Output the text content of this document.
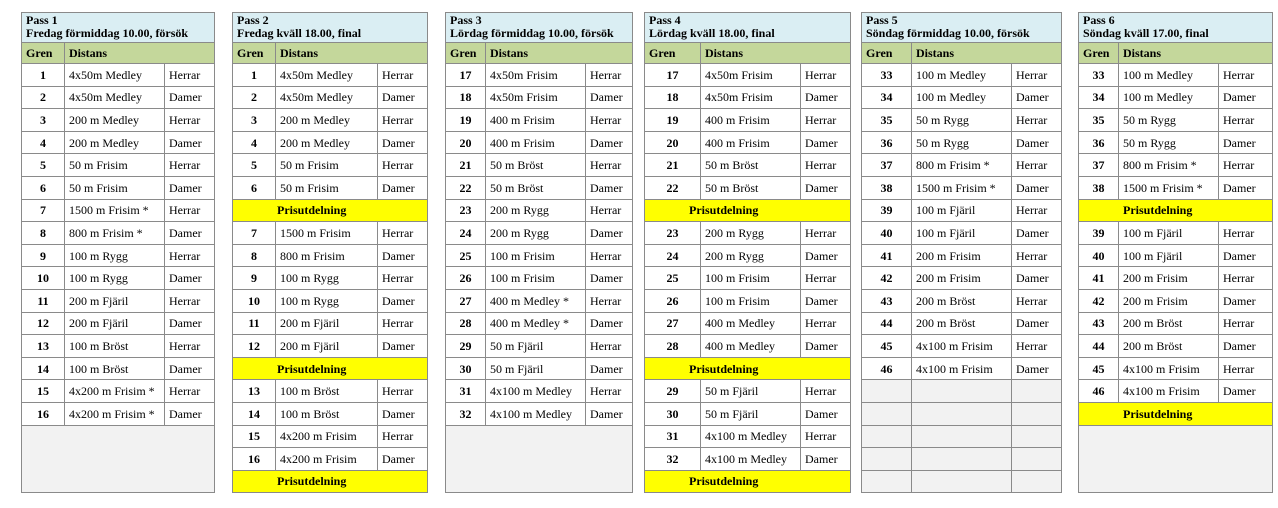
Pass 1
Fredag förmiddag 10.00, försök		

Gren	Distans	
1	4x50m Medley	Herrar
2	4x50m Medley	Damer
3	200 m Medley	Herrar
4	200 m Medley	Damer
5	50 m Frisim	Herrar
6	50 m Frisim	Damer
7	1500 m Frisim *	Herrar
8	800 m Frisim *	Damer
9	100 m Rygg	Herrar
10	100 m Rygg	Damer
11	200 m Fjäril	Herrar
12	200 m Fjäril	Damer
13	100 m Bröst	Herrar
14	100 m Bröst	Damer
15	4x200 m Frisim *	Herrar
16	4x200 m Frisim *	Damer

Pass 2
Fredag kväll 18.00, final		

Gren	Distans	
1	4x50m Medley	Herrar
2	4x50m Medley	Damer
3	200 m Medley	Herrar
4	200 m Medley	Damer
5	50 m Frisim	Herrar
6	50 m Frisim	Damer
Prisutdelning		
7	1500 m Frisim	Herrar
8	800 m Frisim	Damer
9	100 m Rygg	Herrar
10	100 m Rygg	Damer
11	200 m Fjäril	Herrar
12	200 m Fjäril	Damer
Prisutdelning		
13	100 m Bröst	Herrar
14	100 m Bröst	Damer
15	4x200 m Frisim	Herrar
16	4x200 m Frisim	Damer
Prisutdelning		
Pass 3
Lördag förmiddag 10.00, försök		

Gren	Distans	
17	4x50m Frisim	Herrar
18	4x50m Frisim	Damer
19	400 m Frisim	Herrar
20	400 m Frisim	Damer
21	50 m Bröst	Herrar
22	50 m Bröst	Damer
23	200 m Rygg	Herrar
24	200 m Rygg	Damer
25	100 m Frisim	Herrar
26	100 m Frisim	Damer
27	400 m Medley *	Herrar
28	400 m Medley *	Damer
29	50 m Fjäril	Herrar
30	50 m Fjäril	Damer
31	4x100 m Medley	Herrar
32	4x100 m Medley	Damer

Pass 4
Lördag kväll 18.00, final		

Gren	Distans	
17	4x50m Frisim	Herrar
18	4x50m Frisim	Damer
19	400 m Frisim	Herrar
20	400 m Frisim	Damer
21	50 m Bröst	Herrar
22	50 m Bröst	Damer
Prisutdelning		
23	200 m Rygg	Herrar
24	200 m Rygg	Damer
25	100 m Frisim	Herrar
26	100 m Frisim	Damer
27	400 m Medley	Herrar
28	400 m Medley	Damer
Prisutdelning		
29	50 m Fjäril	Herrar
30	50 m Fjäril	Damer
31	4x100 m Medley	Herrar
32	4x100 m Medley	Damer
Prisutdelning		
Pass 5
Söndag förmiddag 10.00, försök		

Gren	Distans	
33	100 m Medley	Herrar
34	100 m Medley	Damer
35	50 m Rygg	Herrar
36	50 m Rygg	Damer
37	800 m Frisim *	Herrar
38	1500 m Frisim *	Damer
39	100 m Fjäril	Herrar
40	100 m Fjäril	Damer
41	200 m Frisim	Herrar
42	200 m Frisim	Damer
43	200 m Bröst	Herrar
44	200 m Bröst	Damer
45	4x100 m Frisim	Herrar
46	4x100 m Frisim	Damer

Pass 6
Söndag kväll 17.00, final		

Gren	Distans	
33	100 m Medley	Herrar
34	100 m Medley	Damer
35	50 m Rygg	Herrar
36	50 m Rygg	Damer
37	800 m Frisim *	Herrar
38	1500 m Frisim *	Damer
Prisutdelning		
39	100 m Fjäril	Herrar
40	100 m Fjäril	Damer
41	200 m Frisim	Herrar
42	200 m Frisim	Damer
43	200 m Bröst	Herrar
44	200 m Bröst	Damer
45	4x100 m Frisim	Herrar
46	4x100 m Frisim	Damer
Prisutdelning		
